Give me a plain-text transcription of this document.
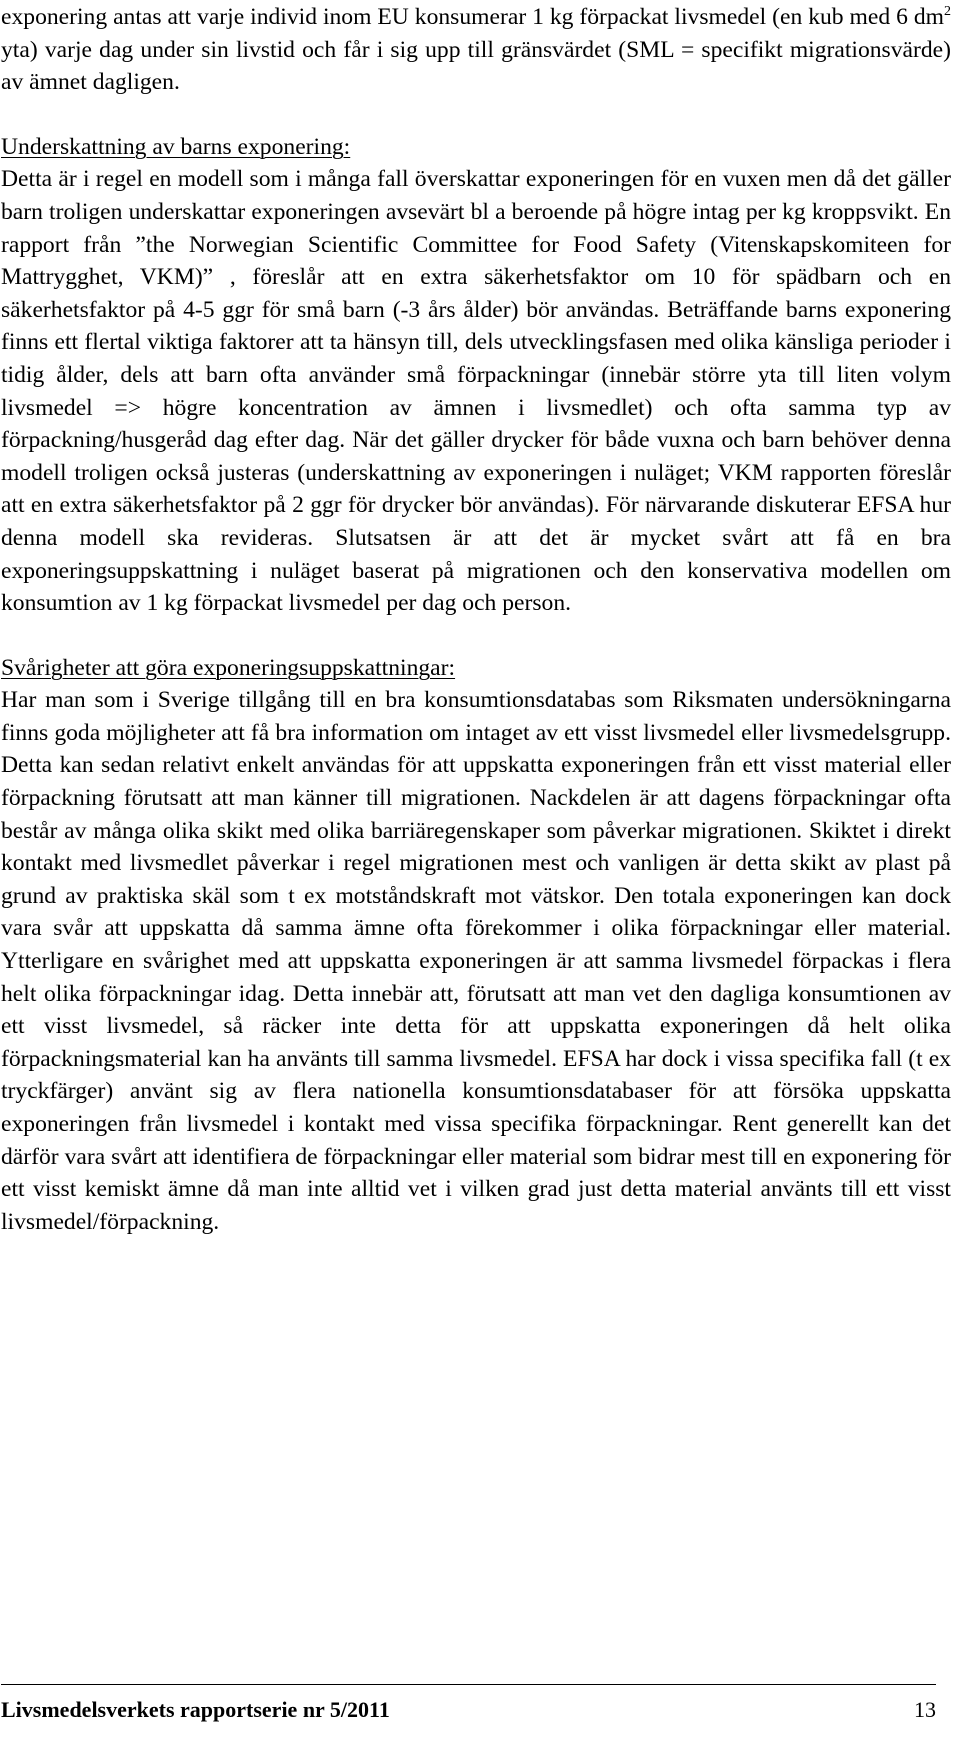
exponering antas att varje individ inom EU konsumerar 1 kg förpackat livsmedel (en kub med 6 $dm^2$ yta) varje dag under sin livstid och får i sig upp till gränsvärdet (SML = specifikt migrationsvärde) av ämnet dagligen.

Underskattning av barns exponering:
Detta är i regel en modell som i många fall överskattar exponeringen för en vuxen men då det gäller barn troligen underskattar exponeringen avsevärt bl a beroende på högre intag per kg kroppsvikt. En rapport från ”the Norwegian Scientific Committee for Food Safety (Vitenskapskomiteen for Mattrygghet, VKM)” , föreslår att en extra säkerhetsfaktor om 10 för spädbarn och en säkerhetsfaktor på 4-5 ggr för små barn (-3 års ålder) bör användas. Beträffande barns exponering finns ett flertal viktiga faktorer att ta hänsyn till, dels utvecklingsfasen med olika känsliga perioder i tidig ålder, dels att barn ofta använder små förpackningar (innebär större yta till liten volym livsmedel => högre koncentration av ämnen i livsmedlet) och ofta samma typ av förpackning/husgeråd dag efter dag. När det gäller drycker för både vuxna och barn behöver denna modell troligen också justeras (underskattning av exponeringen i nuläget; VKM rapporten föreslår att en extra säkerhetsfaktor på 2 ggr för drycker bör användas). För närvarande diskuterar EFSA hur denna modell ska revideras. Slutsatsen är att det är mycket svårt att få en bra exponeringsuppskattning i nuläget baserat på migrationen och den konservativa modellen om konsumtion av 1 kg förpackat livsmedel per dag och person.

Svårigheter att göra exponeringsuppskattningar:
Har man som i Sverige tillgång till en bra konsumtionsdatabas som Riksmaten undersökningarna finns goda möjligheter att få bra information om intaget av ett visst livsmedel eller livsmedelsgrupp. Detta kan sedan relativt enkelt användas för att uppskatta exponeringen från ett visst material eller förpackning förutsatt att man känner till migrationen. Nackdelen är att dagens förpackningar ofta består av många olika skikt med olika barriäregenskaper som påverkar migrationen. Skiktet i direkt kontakt med livsmedlet påverkar i regel migrationen mest och vanligen är detta skikt av plast på grund av praktiska skäl som t ex motståndskraft mot vätskor. Den totala exponeringen kan dock vara svår att uppskatta då samma ämne ofta förekommer i olika förpackningar eller material. Ytterligare en svårighet med att uppskatta exponeringen är att samma livsmedel förpackas i flera helt olika förpackningar idag. Detta innebär att, förutsatt att man vet den dagliga konsumtionen av ett visst livsmedel, så räcker inte detta för att uppskatta exponeringen då helt olika förpackningsmaterial kan ha använts till samma livsmedel. EFSA har dock i vissa specifika fall (t ex tryckfärger) använt sig av flera nationella konsumtionsdatabaser för att försöka uppskatta exponeringen från livsmedel i kontakt med vissa specifika förpackningar. Rent generellt kan det därför vara svårt att identifiera de förpackningar eller material som bidrar mest till en exponering för ett visst kemiskt ämne då man inte alltid vet i vilken grad just detta material använts till ett visst livsmedel/förpackning.

Livsmedelsverkets rapportserie nr 5/2011	13
